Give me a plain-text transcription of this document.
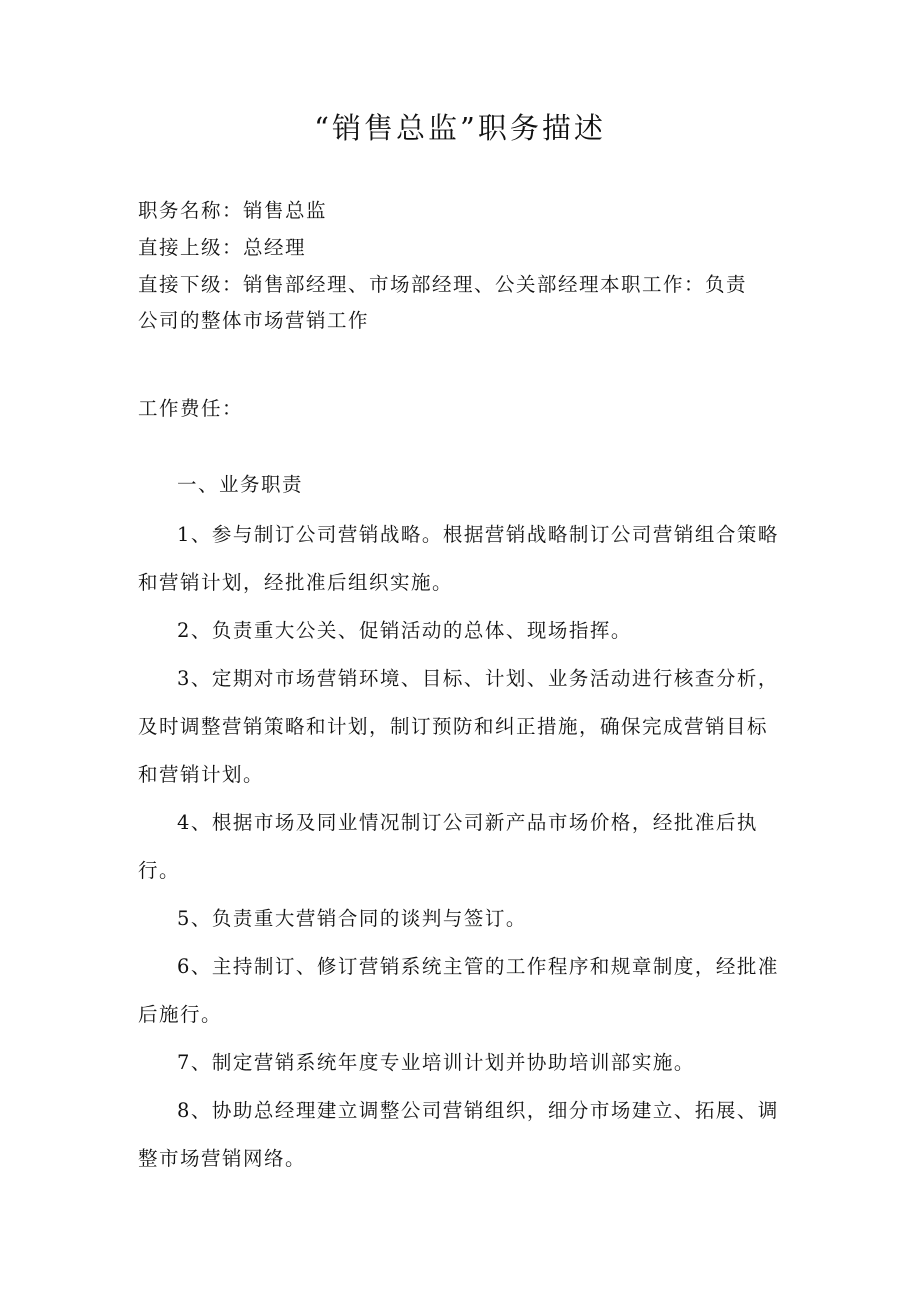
“销售总监”职务描述

职务名称：销售总监

直接上级：总经理

直接下级：销售部经理、市场部经理、公关部经理本职工作：负责

公司的整体市场营销工作

工作费任：
一、业务职责

1、参与制订公司营销战略。根据营销战略制订公司营销组合策略和营销计划，经批准后组织实施。

2、负责重大公关、促销活动的总体、现场指挥。

3、定期对市场营销环境、目标、计划、业务活动进行核查分析，及时调整营销策略和计划，制订预防和纠正措施，确保完成营销目标和营销计划。

4、根据市场及同业情况制订公司新产品市场价格，经批准后执行。

5、负责重大营销合同的谈判与签订。

6、主持制订、修订营销系统主管的工作程序和规章制度，经批准后施行。

7、制定营销系统年度专业培训计划并协助培训部实施。

8、协助总经理建立调整公司营销组织，细分市场建立、拓展、调整市场营销网络。
